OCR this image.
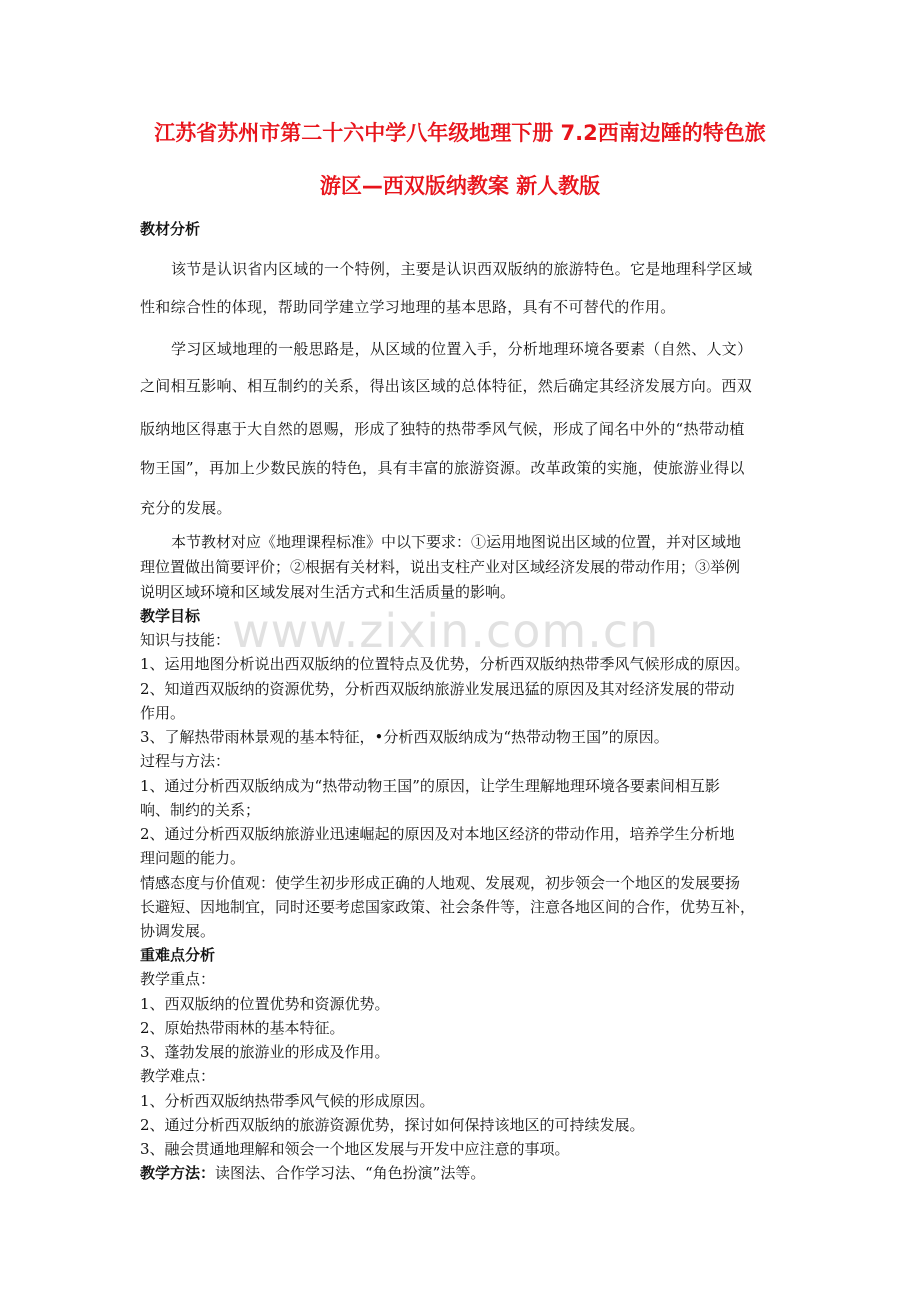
www.zixin.com.cn
江苏省苏州市第二十六中学八年级地理下册 7.2西南边陲的特色旅
游区—西双版纳教案 新人教版
教材分析
该节是认识省内区域的一个特例，主要是认识西双版纳的旅游特色。它是地理科学区域
性和综合性的体现，帮助同学建立学习地理的基本思路，具有不可替代的作用。
学习区域地理的一般思路是，从区域的位置入手，分析地理环境各要素（自然、人文）
之间相互影响、相互制约的关系，得出该区域的总体特征，然后确定其经济发展方向。西双
版纳地区得惠于大自然的恩赐，形成了独特的热带季风气候，形成了闻名中外的“热带动植
物王国”，再加上少数民族的特色，具有丰富的旅游资源。改革政策的实施，使旅游业得以
充分的发展。
本节教材对应《地理课程标准》中以下要求：①运用地图说出区域的位置，并对区域地
理位置做出简要评价；②根据有关材料，说出支柱产业对区域经济发展的带动作用；③举例
说明区域环境和区域发展对生活方式和生活质量的影响。
教学目标
知识与技能：
1、运用地图分析说出西双版纳的位置特点及优势，分析西双版纳热带季风气候形成的原因。
2、知道西双版纳的资源优势，分析西双版纳旅游业发展迅猛的原因及其对经济发展的带动
作用。
3、了解热带雨林景观的基本特征，•分析西双版纳成为“热带动物王国”的原因。
过程与方法：
1、通过分析西双版纳成为“热带动物王国”的原因，让学生理解地理环境各要素间相互影
响、制约的关系；
2、通过分析西双版纳旅游业迅速崛起的原因及对本地区经济的带动作用，培养学生分析地
理问题的能力。
情感态度与价值观：使学生初步形成正确的人地观、发展观，初步领会一个地区的发展要扬
长避短、因地制宜，同时还要考虑国家政策、社会条件等，注意各地区间的合作，优势互补，
协调发展。
重难点分析
教学重点：
1、西双版纳的位置优势和资源优势。
2、原始热带雨林的基本特征。
3、蓬勃发展的旅游业的形成及作用。
教学难点：
1、分析西双版纳热带季风气候的形成原因。
2、通过分析西双版纳的旅游资源优势，探讨如何保持该地区的可持续发展。
3、融会贯通地理解和领会一个地区发展与开发中应注意的事项。
教学方法：读图法、合作学习法、“角色扮演”法等。
